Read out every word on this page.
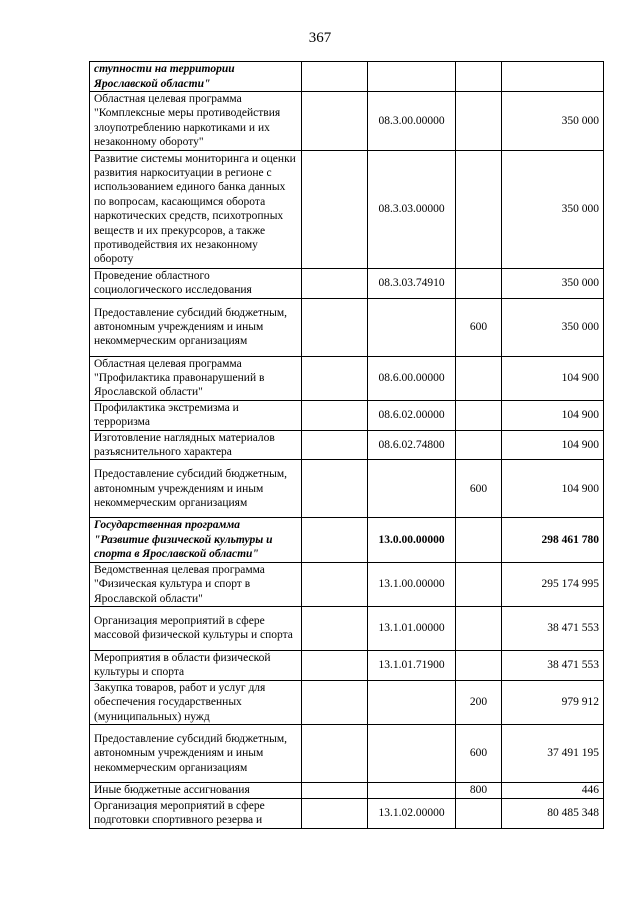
367
ступности на территории Ярославской области"				
Областная целевая программа "Комплексные меры противодействия злоупотреблению наркотиками и их незаконному обороту"		08.3.00.00000		350 000
Развитие системы мониторинга и оценки развития наркоситуации в регионе с использованием единого банка данных по вопросам, касающимся оборота наркотических средств, психотропных веществ и их прекурсоров, а также противодействия их незаконному обороту		08.3.03.00000		350 000
Проведение областного социологического исследования		08.3.03.74910		350 000
Предоставление субсидий бюджетным, автономным учреждениям и иным некоммерческим организациям			600	350 000
Областная целевая программа "Профилактика правонарушений в Ярославской области"		08.6.00.00000		104 900
Профилактика экстремизма и терроризма		08.6.02.00000		104 900
Изготовление наглядных материалов разъяснительного характера		08.6.02.74800		104 900
Предоставление субсидий бюджетным, автономным учреждениям и иным некоммерческим организациям			600	104 900
Государственная программа "Развитие физической культуры и спорта в Ярославской области"		13.0.00.00000		298 461 780
Ведомственная целевая программа "Физическая культура и спорт в Ярославской области"		13.1.00.00000		295 174 995
Организация мероприятий в сфере массовой физической культуры и спорта		13.1.01.00000		38 471 553
Мероприятия в области физической культуры и спорта		13.1.01.71900		38 471 553
Закупка товаров, работ и услуг для обеспечения государственных (муниципальных) нужд			200	979 912
Предоставление субсидий бюджетным, автономным учреждениям и иным некоммерческим организациям			600	37 491 195
Иные бюджетные ассигнования			800	446
Организация мероприятий в сфере подготовки спортивного резерва и		13.1.02.00000		80 485 348
